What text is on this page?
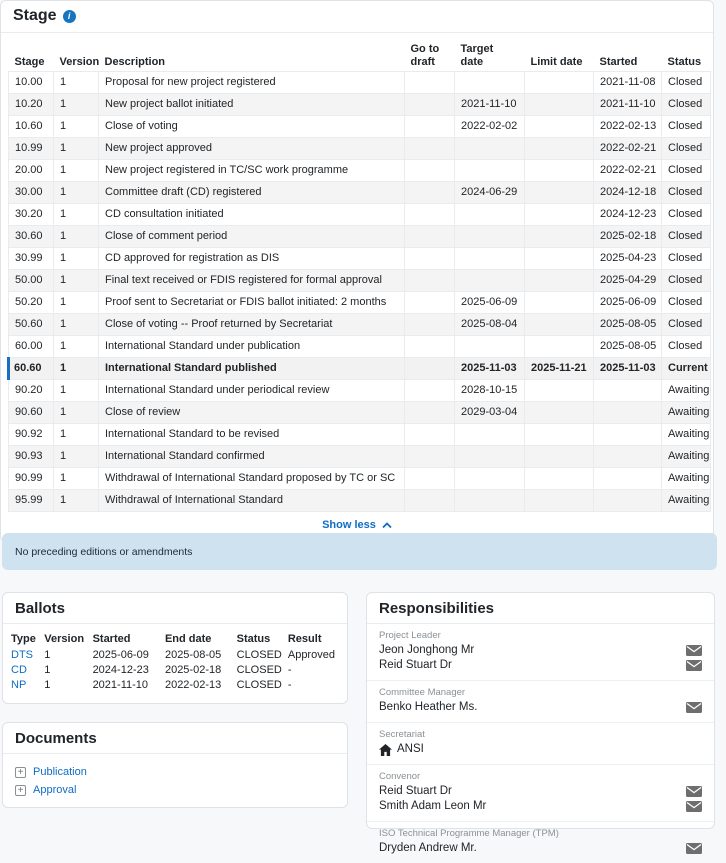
Stage	i
Stage	Version	Description	Go to draft	Target date	Limit date	Started	Status
10.00	1	Proposal for new project registered				2021-11-08	Closed
10.20	1	New project ballot initiated		2021-11-10		2021-11-10	Closed
10.60	1	Close of voting		2022-02-02		2022-02-13	Closed
10.99	1	New project approved				2022-02-21	Closed
20.00	1	New project registered in TC/SC work programme				2022-02-21	Closed
30.00	1	Committee draft (CD) registered		2024-06-29		2024-12-18	Closed
30.20	1	CD consultation initiated				2024-12-23	Closed
30.60	1	Close of comment period				2025-02-18	Closed
30.99	1	CD approved for registration as DIS				2025-04-23	Closed
50.00	1	Final text received or FDIS registered for formal approval				2025-04-29	Closed
50.20	1	Proof sent to Secretariat or FDIS ballot initiated: 2 months		2025-06-09		2025-06-09	Closed
50.60	1	Close of voting -- Proof returned by Secretariat		2025-08-04		2025-08-05	Closed
60.00	1	International Standard under publication				2025-08-05	Closed
60.60	1	International Standard published		2025-11-03	2025-11-21	2025-11-03	Current
90.20	1	International Standard under periodical review		2028-10-15			Awaiting
90.60	1	Close of review		2029-03-04			Awaiting
90.92	1	International Standard to be revised					Awaiting
90.93	1	International Standard confirmed					Awaiting
90.99	1	Withdrawal of International Standard proposed by TC or SC					Awaiting
95.99	1	Withdrawal of International Standard					Awaiting
Show less
No preceding editions or amendments
Ballots
Type	Version	Started	End date	Status	Result
DTS	1	2025-06-09	2025-08-05	CLOSED	Approved
CD	1	2024-12-23	2025-02-18	CLOSED	-
NP	1	2021-11-10	2022-02-13	CLOSED	-
Documents
+ Publication
+ Approval
Responsibilities
Project Leader
Jeon Jonghong Mr
Reid Stuart Dr
Committee Manager
Benko Heather Ms.
Secretariat
ANSI
Convenor
Reid Stuart Dr
Smith Adam Leon Mr
ISO Technical Programme Manager (TPM)
Dryden Andrew Mr.
